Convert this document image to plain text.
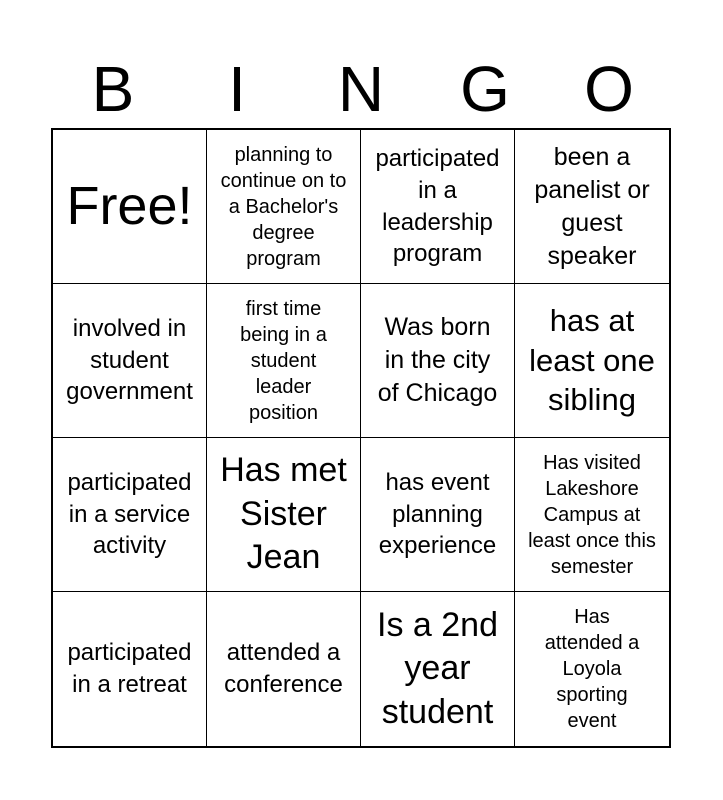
B	I	N	G	O
Free!
planning to continue on to a Bachelor's degree program
participated in a leadership program
been a panelist or guest speaker
involved in student government
first time being in a student leader position
Was born in the city of Chicago
has at least one sibling
participated in a service activity
Has met Sister Jean
has event planning experience
Has visited Lakeshore Campus at least once this semester
participated in a retreat
attended a conference
Is a 2nd year student
Has attended a Loyola sporting event
